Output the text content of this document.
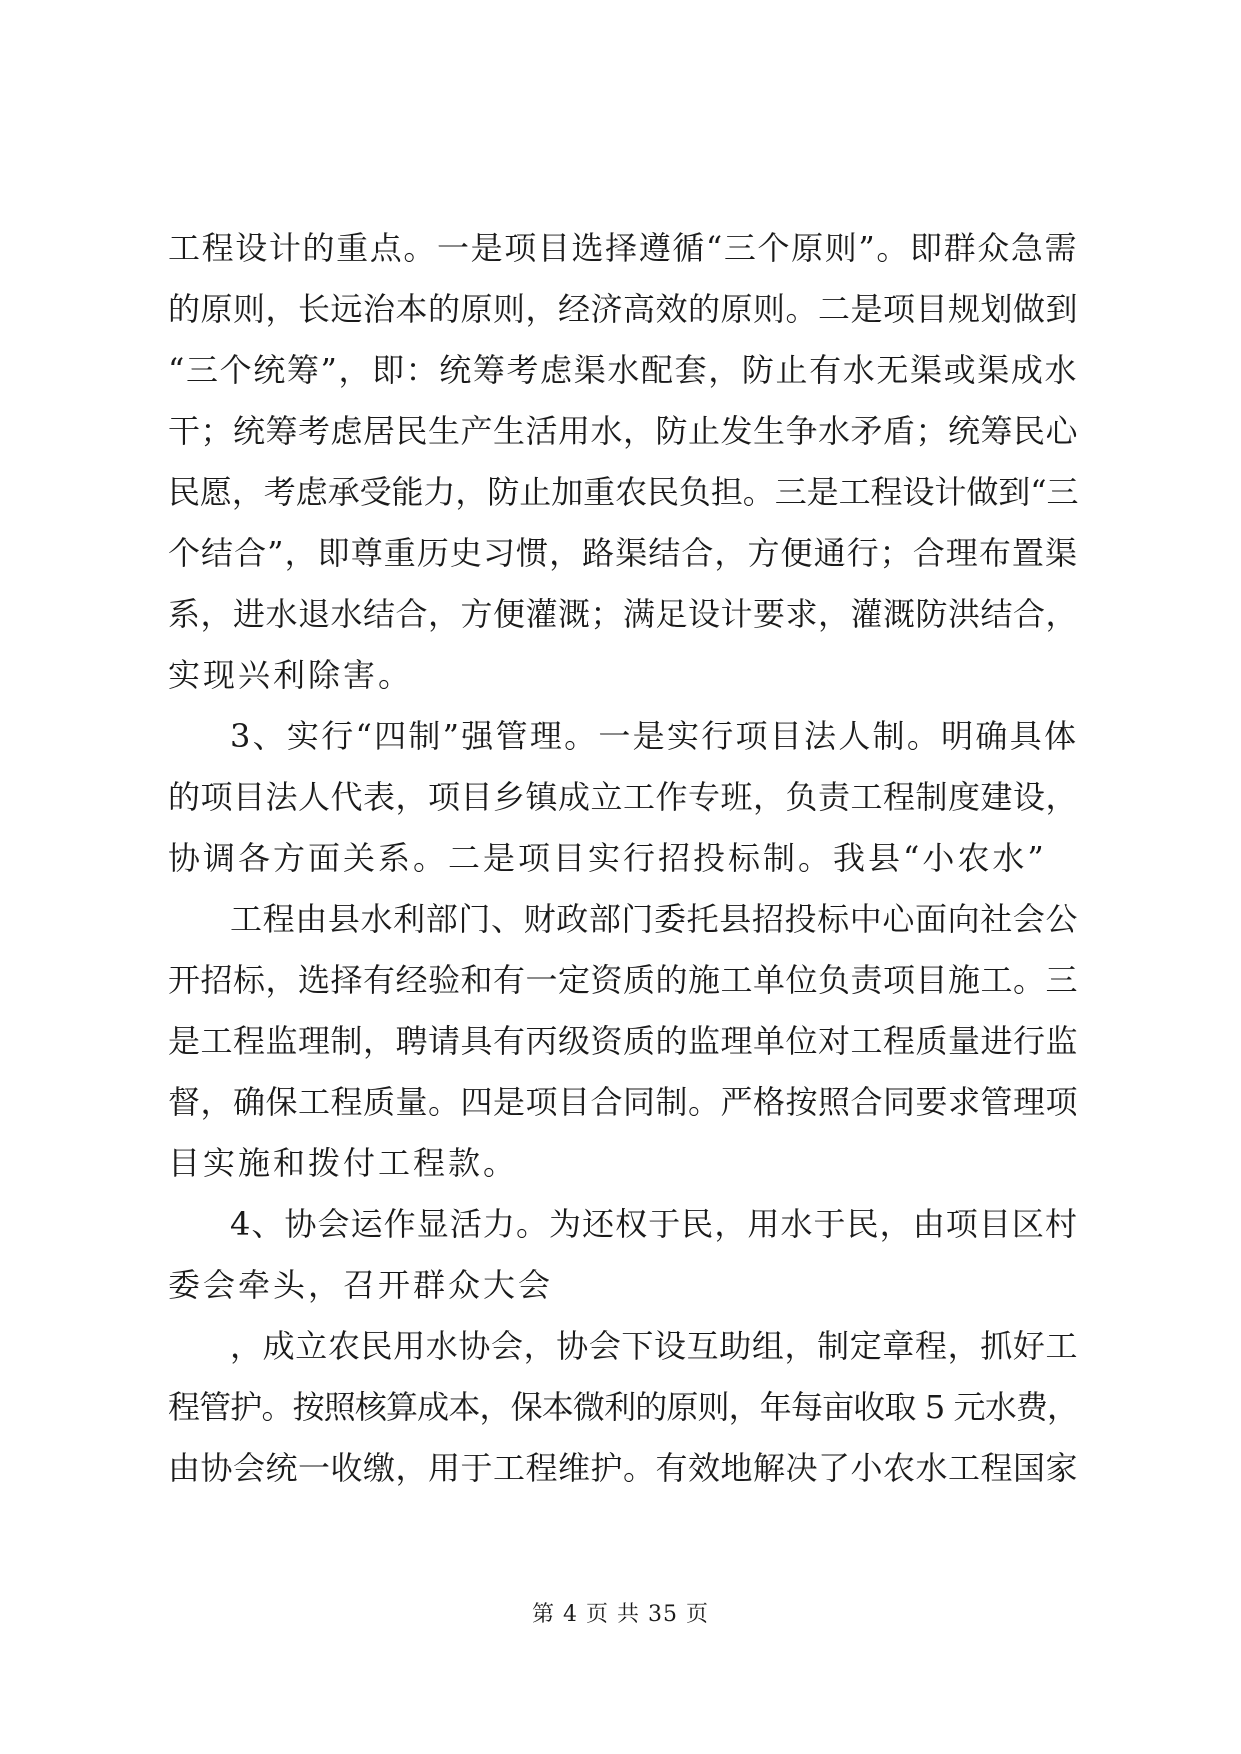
工程设计的重点。一是项目选择遵循“三个原则”。即群众急需
的原则，长远治本的原则，经济高效的原则。二是项目规划做到
“三个统筹”，即：统筹考虑渠水配套，防止有水无渠或渠成水
干；统筹考虑居民生产生活用水，防止发生争水矛盾；统筹民心
民愿，考虑承受能力，防止加重农民负担。三是工程设计做到“三
个结合”，即尊重历史习惯，路渠结合，方便通行；合理布置渠
系，进水退水结合，方便灌溉；满足设计要求，灌溉防洪结合，
实现兴利除害。
3、实行“四制”强管理。一是实行项目法人制。明确具体
的项目法人代表，项目乡镇成立工作专班，负责工程制度建设，
协调各方面关系。二是项目实行招投标制。我县“小农水”
工程由县水利部门、财政部门委托县招投标中心面向社会公
开招标，选择有经验和有一定资质的施工单位负责项目施工。三
是工程监理制，聘请具有丙级资质的监理单位对工程质量进行监
督，确保工程质量。四是项目合同制。严格按照合同要求管理项
目实施和拨付工程款。
4、协会运作显活力。为还权于民，用水于民，由项目区村
委会牵头，召开群众大会
，成立农民用水协会，协会下设互助组，制定章程，抓好工
程管护。按照核算成本，保本微利的原则，年每亩收取 5 元水费，
由协会统一收缴，用于工程维护。有效地解决了小农水工程国家
第 4 页 共 35 页
